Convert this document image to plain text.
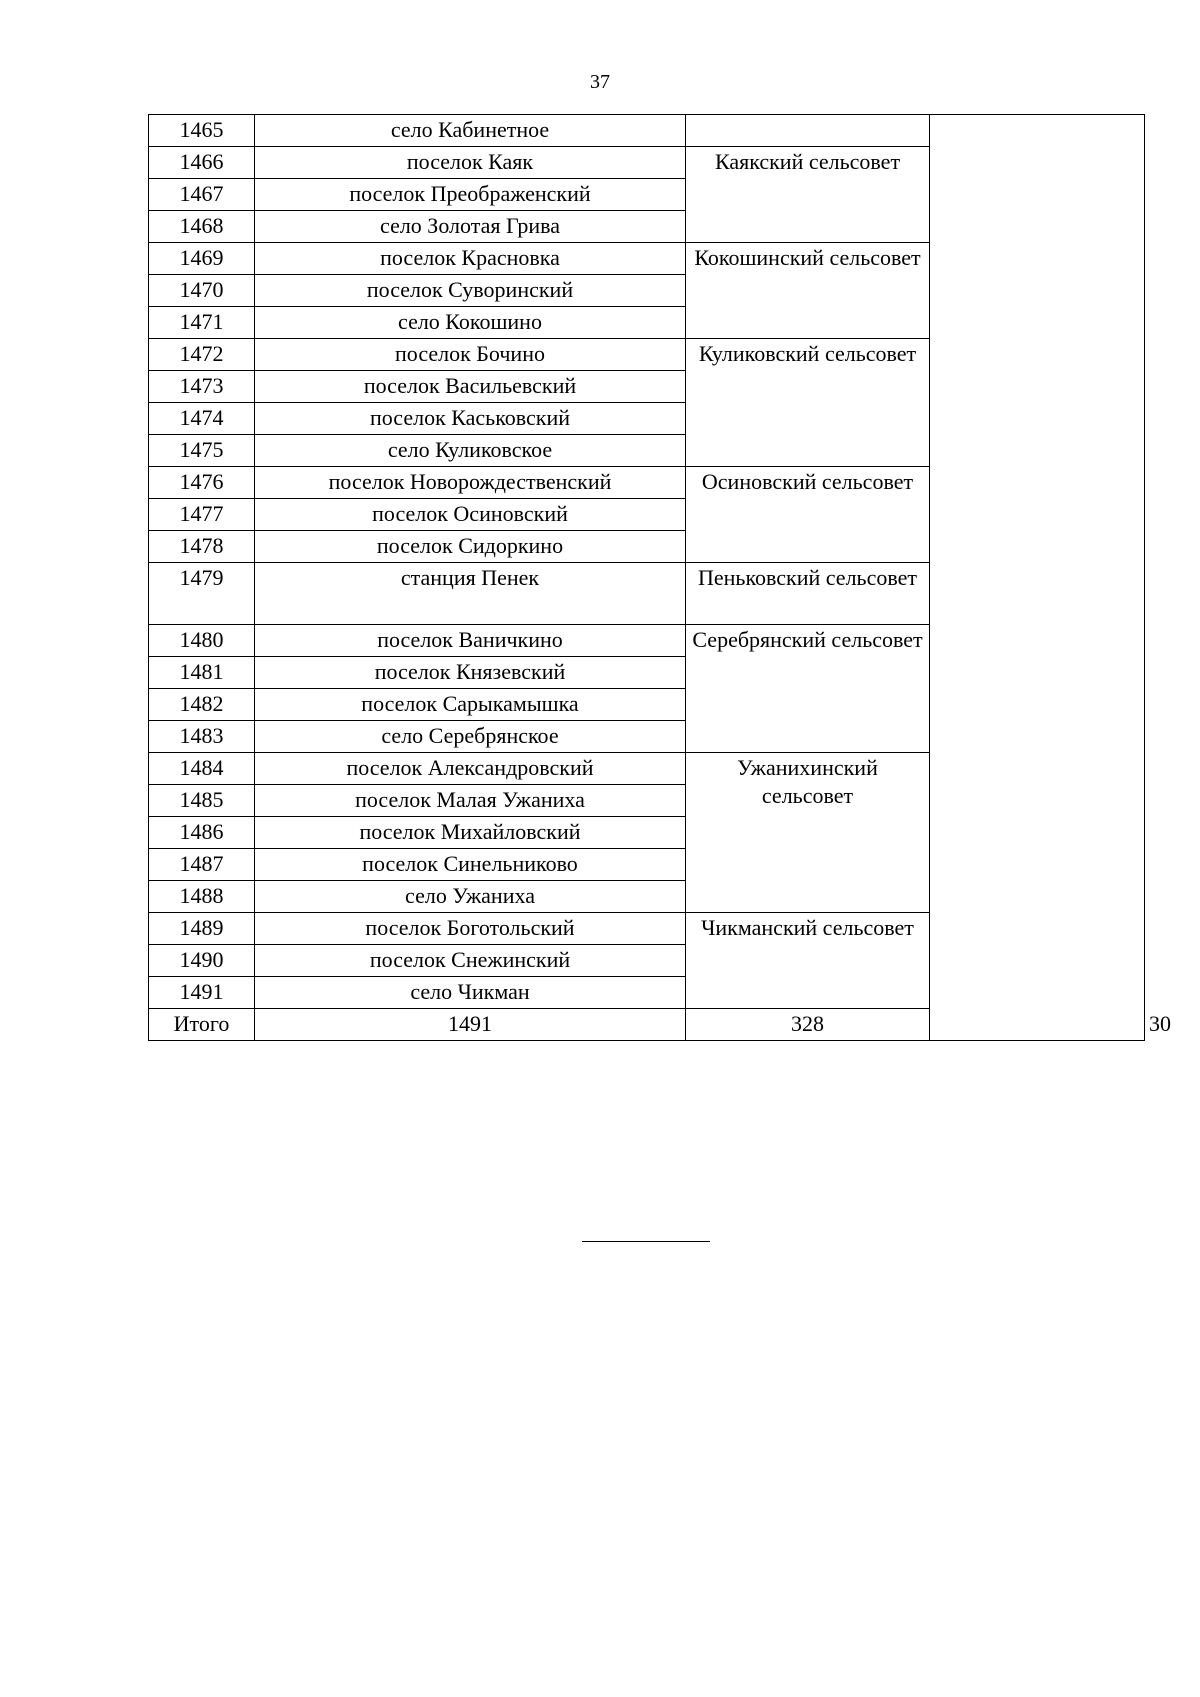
37
1465	село Кабинетное			
1466	поселок Каяк	Каякский сельсовет		
1467	поселок Преображенский			
1468	село Золотая Грива			
1469	поселок Красновка	Кокошинский сельсовет		
1470	поселок Суворинский			
1471	село Кокошино			
1472	поселок Бочино	Куликовский сельсовет		
1473	поселок Васильевский			
1474	поселок Каськовский			
1475	село Куликовское			
1476	поселок Новорождественский	Осиновский сельсовет		
1477	поселок Осиновский			
1478	поселок Сидоркино			
1479	станция Пенек	Пеньковский сельсовет		
1480	поселок Ваничкино	Серебрянский сельсовет		
1481	поселок Князевский			
1482	поселок Сарыкамышка			
1483	село Серебрянское			
1484	поселок Александровский	Ужанихинский сельсовет		
1485	поселок Малая Ужаниха			
1486	поселок Михайловский			
1487	поселок Синельниково			
1488	село Ужаниха			
1489	поселок Боготольский	Чикманский сельсовет		
1490	поселок Снежинский			
1491	село Чикман			
Итого	1491	328		30
